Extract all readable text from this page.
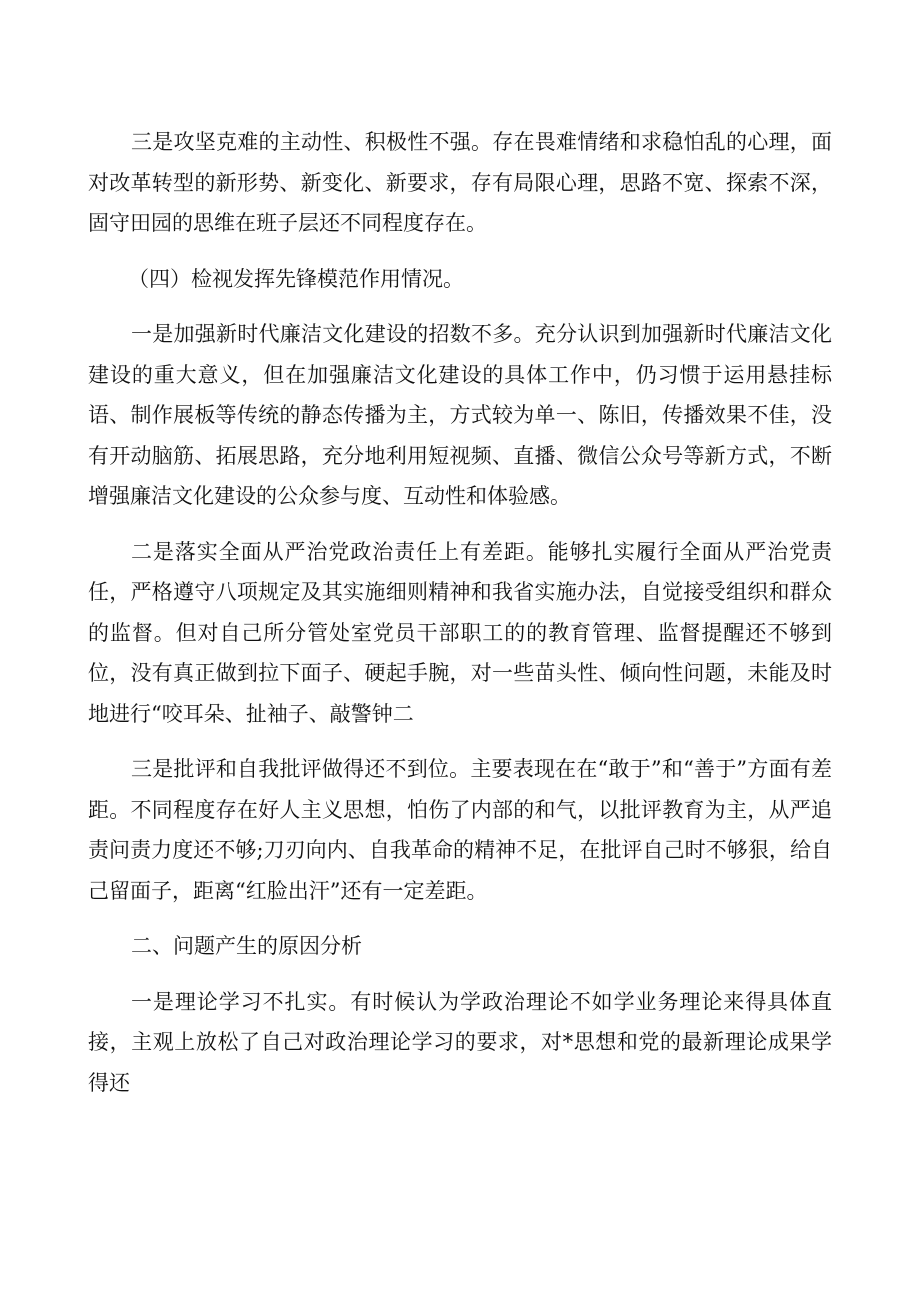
三是攻坚克难的主动性、积极性不强。存在畏难情绪和求稳怕乱的心理，面对改革转型的新形势、新变化、新要求，存有局限心理，思路不宽、探索不深，固守田园的思维在班子层还不同程度存在。

（四）检视发挥先锋模范作用情况。

一是加强新时代廉洁文化建设的招数不多。充分认识到加强新时代廉洁文化建设的重大意义，但在加强廉洁文化建设的具体工作中，仍习惯于运用悬挂标语、制作展板等传统的静态传播为主，方式较为单一、陈旧，传播效果不佳，没有开动脑筋、拓展思路，充分地利用短视频、直播、微信公众号等新方式，不断增强廉洁文化建设的公众参与度、互动性和体验感。

二是落实全面从严治党政治责任上有差距。能够扎实履行全面从严治党责任，严格遵守八项规定及其实施细则精神和我省实施办法，自觉接受组织和群众的监督。但对自己所分管处室党员干部职工的的教育管理、监督提醒还不够到位，没有真正做到拉下面子、硬起手腕，对一些苗头性、倾向性问题，未能及时地进行“咬耳朵、扯袖子、敲警钟二

三是批评和自我批评做得还不到位。主要表现在在“敢于”和“善于”方面有差距。不同程度存在好人主义思想，怕伤了内部的和气，以批评教育为主，从严追责问责力度还不够;刀刃向内、自我革命的精神不足，在批评自己时不够狠，给自己留面子，距离“红脸出汗”还有一定差距。

二、问题产生的原因分析

一是理论学习不扎实。有时候认为学政治理论不如学业务理论来得具体直接，主观上放松了自己对政治理论学习的要求，对*思想和党的最新理论成果学得还
